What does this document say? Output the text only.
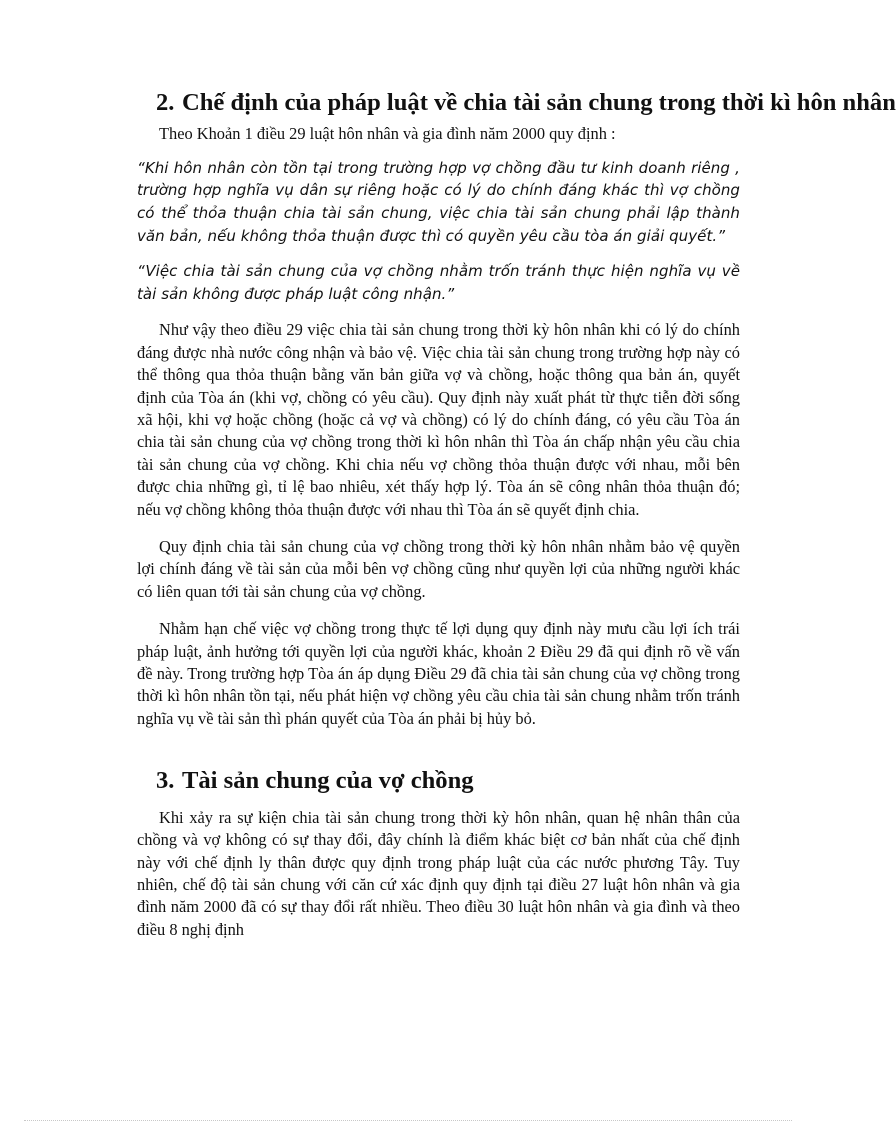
2. Chế định của pháp luật về chia tài sản chung trong thời kì hôn nhân

Theo Khoản 1 điều 29 luật hôn nhân và gia đình năm 2000 quy định :

“Khi hôn nhân còn tồn tại trong trường hợp vợ chồng đầu tư kinh doanh riêng , trường hợp nghĩa vụ dân sự riêng hoặc có lý do chính đáng khác thì vợ chồng có thể thỏa thuận chia tài sản chung, việc chia tài sản chung phải lập thành văn bản, nếu không thỏa thuận được thì có quyền yêu cầu tòa án giải quyết.”

“Việc chia tài sản chung của vợ chồng nhằm trốn tránh thực hiện nghĩa vụ về tài sản không được pháp luật công nhận.”

Như vậy theo điều 29 việc chia tài sản chung trong thời kỳ hôn nhân khi có lý do chính đáng được nhà nước công nhận và bảo vệ. Việc chia tài sản chung trong trường hợp này có thể thông qua thỏa thuận bằng văn bản giữa vợ và chồng, hoặc thông qua bản án, quyết định của Tòa án (khi vợ, chồng có yêu cầu). Quy định này xuất phát từ thực tiễn đời sống xã hội, khi vợ hoặc chồng (hoặc cả vợ và chồng) có lý do chính đáng, có yêu cầu Tòa án chia tài sản chung của vợ chồng trong thời kì hôn nhân thì Tòa án chấp nhận yêu cầu chia tài sản chung của vợ chồng. Khi chia nếu vợ chồng thỏa thuận được với nhau, mỗi bên được chia những gì, tỉ lệ bao nhiêu, xét thấy hợp lý. Tòa án sẽ công nhân thỏa thuận đó; nếu vợ chồng không thỏa thuận được với nhau thì Tòa án sẽ quyết định chia.

Quy định chia tài sản chung của vợ chồng trong thời kỳ hôn nhân nhằm bảo vệ quyền lợi chính đáng về tài sản của mỗi bên vợ chồng cũng như quyền lợi của những người khác có liên quan tới tài sản chung của vợ chồng.

Nhằm hạn chế việc vợ chồng trong thực tế lợi dụng quy định này mưu cầu lợi ích trái pháp luật, ảnh hưởng tới quyền lợi của người khác, khoản 2 Điều 29 đã qui định rõ về vấn đề này. Trong trường hợp Tòa án áp dụng Điều 29 đã chia tài sản chung của vợ chồng trong thời kì hôn nhân tồn tại, nếu phát hiện vợ chồng yêu cầu chia tài sản chung nhằm trốn tránh nghĩa vụ về tài sản thì phán quyết của Tòa án phải bị hủy bỏ.

3. Tài sản chung của vợ chồng

Khi xảy ra sự kiện chia tài sản chung trong thời kỳ hôn nhân, quan hệ nhân thân của chồng và vợ không có sự thay đổi, đây chính là điểm khác biệt cơ bản nhất của chế định này với chế định ly thân được quy định trong pháp luật của các nước phương Tây. Tuy nhiên, chế độ tài sản chung với căn cứ xác định quy định tại điều 27 luật hôn nhân và gia đình năm 2000 đã có sự thay đổi rất nhiều. Theo điều 30 luật hôn nhân và gia đình và theo điều 8 nghị định
